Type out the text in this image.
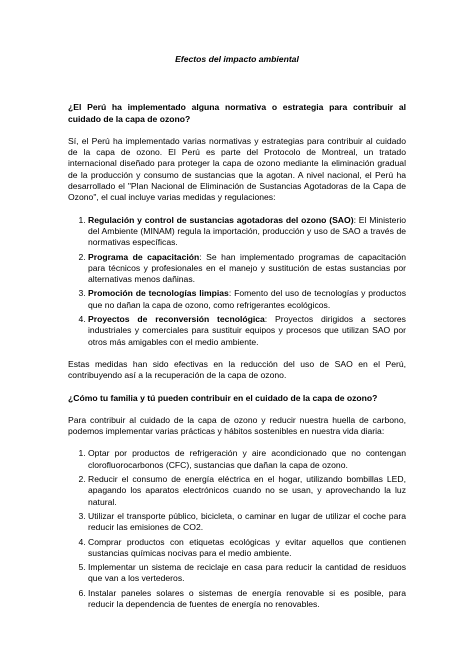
Efectos del impacto ambiental
¿El Perú ha implementado alguna normativa o estrategia para contribuir al cuidado de la capa de ozono?

Sí, el Perú ha implementado varias normativas y estrategias para contribuir al cuidado de la capa de ozono. El Perú es parte del Protocolo de Montreal, un tratado internacional diseñado para proteger la capa de ozono mediante la eliminación gradual de la producción y consumo de sustancias que la agotan. A nivel nacional, el Perú ha desarrollado el "Plan Nacional de Eliminación de Sustancias Agotadoras de la Capa de Ozono", el cual incluye varias medidas y regulaciones:

1. Regulación y control de sustancias agotadoras del ozono (SAO): El Ministerio del Ambiente (MINAM) regula la importación, producción y uso de SAO a través de normativas específicas.
2. Programa de capacitación: Se han implementado programas de capacitación para técnicos y profesionales en el manejo y sustitución de estas sustancias por alternativas menos dañinas.
3. Promoción de tecnologías limpias: Fomento del uso de tecnologías y productos que no dañan la capa de ozono, como refrigerantes ecológicos.
4. Proyectos de reconversión tecnológica: Proyectos dirigidos a sectores industriales y comerciales para sustituir equipos y procesos que utilizan SAO por otros más amigables con el medio ambiente.

Estas medidas han sido efectivas en la reducción del uso de SAO en el Perú, contribuyendo así a la recuperación de la capa de ozono.

¿Cómo tu familia y tú pueden contribuir en el cuidado de la capa de ozono?

Para contribuir al cuidado de la capa de ozono y reducir nuestra huella de carbono, podemos implementar varias prácticas y hábitos sostenibles en nuestra vida diaria:

1. Optar por productos de refrigeración y aire acondicionado que no contengan clorofluorocarbonos (CFC), sustancias que dañan la capa de ozono.
2. Reducir el consumo de energía eléctrica en el hogar, utilizando bombillas LED, apagando los aparatos electrónicos cuando no se usan, y aprovechando la luz natural.
3. Utilizar el transporte público, bicicleta, o caminar en lugar de utilizar el coche para reducir las emisiones de CO2.
4. Comprar productos con etiquetas ecológicas y evitar aquellos que contienen sustancias químicas nocivas para el medio ambiente.
5. Implementar un sistema de reciclaje en casa para reducir la cantidad de residuos que van a los vertederos.
6. Instalar paneles solares o sistemas de energía renovable si es posible, para reducir la dependencia de fuentes de energía no renovables.
